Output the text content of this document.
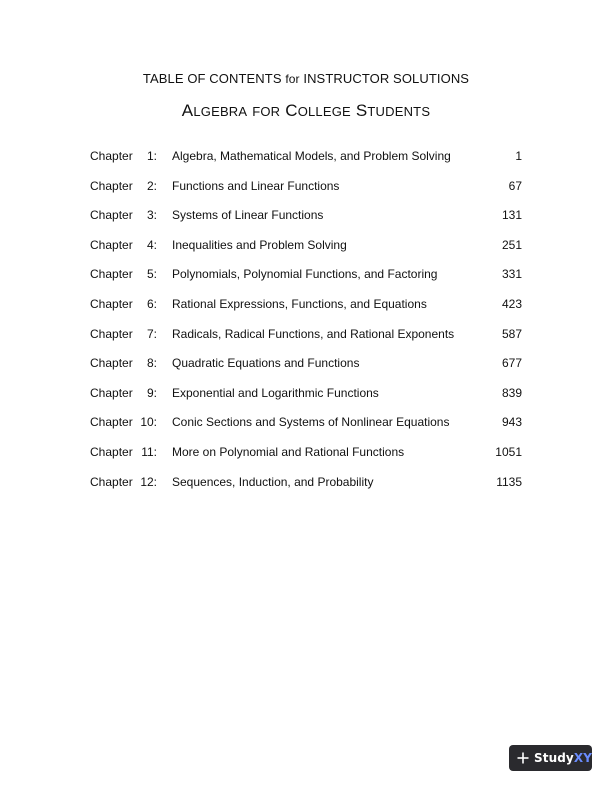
TABLE OF CONTENTS for INSTRUCTOR SOLUTIONS
ALGEBRA FOR COLLEGE STUDENTS
Chapter	1: Algebra, Mathematical Models, and Problem Solving	1
Chapter	2: Functions and Linear Functions	67
Chapter	3: Systems of Linear Functions	131
Chapter	4: Inequalities and Problem Solving	251
Chapter	5: Polynomials, Polynomial Functions, and Factoring	331
Chapter	6: Rational Expressions, Functions, and Equations	423
Chapter	7: Radicals, Radical Functions, and Rational Exponents	587
Chapter	8: Quadratic Equations and Functions	677
Chapter	9: Exponential and Logarithmic Functions	839
Chapter 10: Conic Sections and Systems of Nonlinear Equations	943
Chapter 11: More on Polynomial and Rational Functions	1051
Chapter 12: Sequences, Induction, and Probability	1135
StudyXY
